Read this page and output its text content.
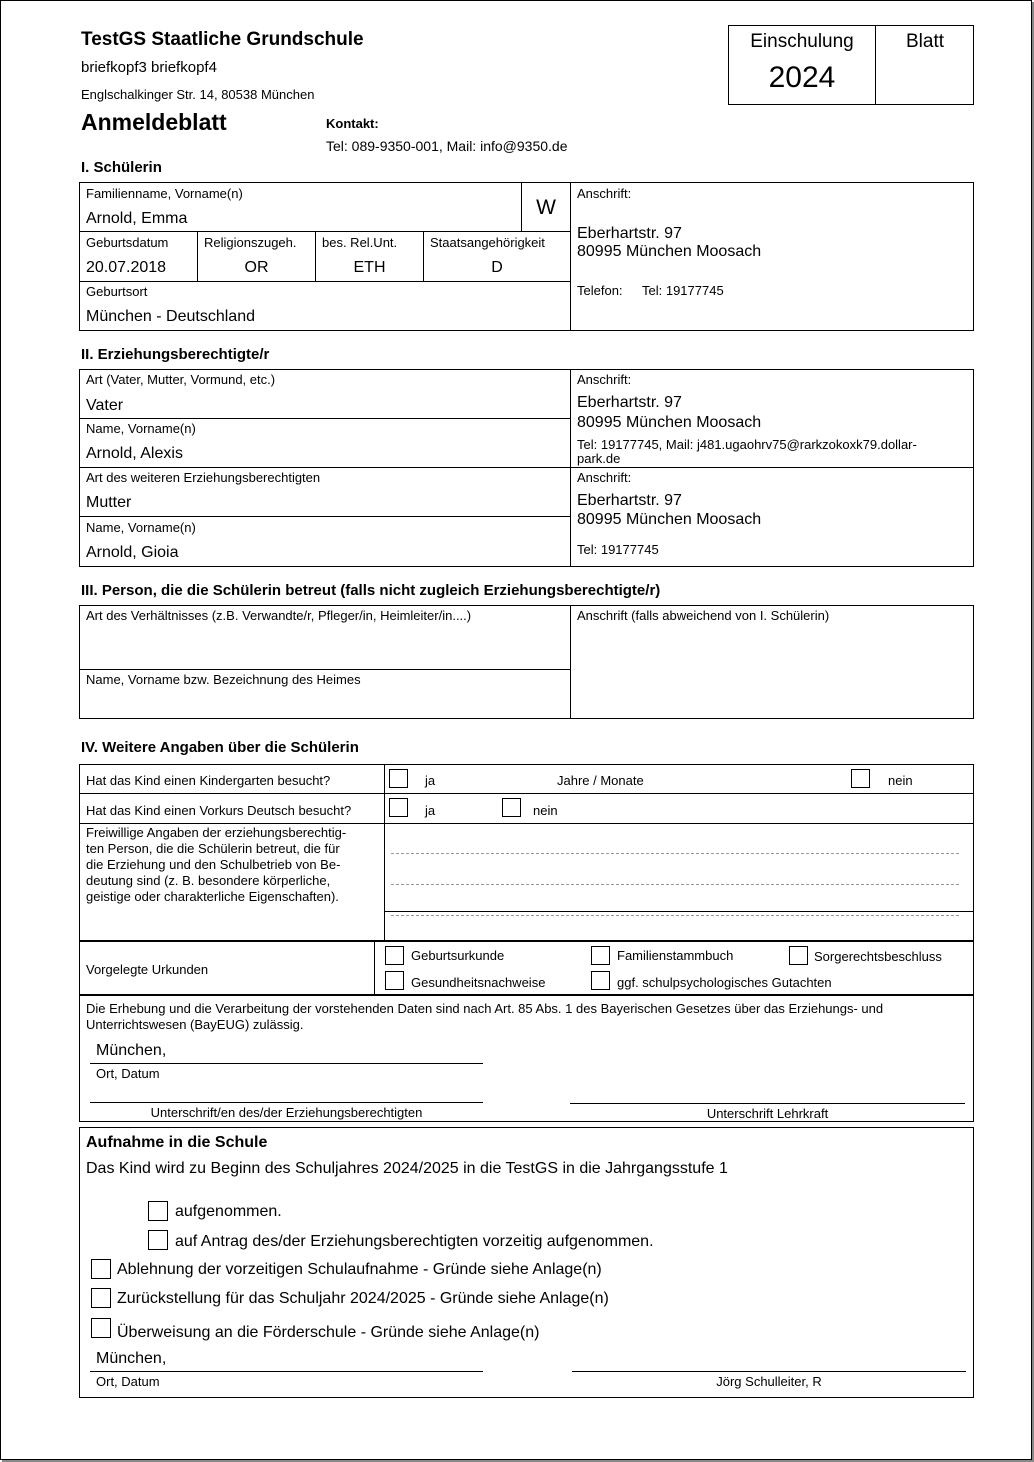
TestGS Staatliche Grundschule
briefkopf3 briefkopf4
Englschalkinger Str. 14, 80538 München
Anmeldeblatt	Kontakt:
Tel: 089-9350-001, Mail: info@9350.de
Einschulung
2024
Blatt
I. Schülerin
Familienname, Vorname(n)
Arnold, Emma	W
Anschrift:
Eberhartstr. 97
80995 München Moosach
Telefon: Tel: 19177745
Geburtsdatum
20.07.2018
Religionszugeh.
OR
bes. Rel.Unt.
ETH
Staatsangehörigkeit
D
Geburtsort
München - Deutschland
II. Erziehungsberechtigte/r
Art (Vater, Mutter, Vormund, etc.)
Vater
Name, Vorname(n)
Arnold, Alexis
Anschrift:
Eberhartstr. 97
80995 München Moosach
Tel: 19177745, Mail: j481.ugaohrv75@rarkzokoxk79.dollar-
park.de
Art des weiteren Erziehungsberechtigten
Mutter
Name, Vorname(n)
Arnold, Gioia
Anschrift:
Eberhartstr. 97
80995 München Moosach
Tel: 19177745
III. Person, die die Schülerin betreut (falls nicht zugleich Erziehungsberechtigte/r)
Art des Verhältnisses (z.B. Verwandte/r, Pfleger/in, Heimleiter/in....)
Name, Vorname bzw. Bezeichnung des Heimes
Anschrift (falls abweichend von I. Schülerin)
IV. Weitere Angaben über die Schülerin
Hat das Kind einen Kindergarten besucht?	ja	Jahre / Monate	nein
Hat das Kind einen Vorkurs Deutsch besucht?	ja	nein
Freiwillige Angaben der erziehungsberechtig-
ten Person, die die Schülerin betreut, die für
die Erziehung und den Schulbetrieb von Be-
deutung sind (z. B. besondere körperliche,
geistige oder charakterliche Eigenschaften).
Vorgelegte Urkunden
Geburtsurkunde	Familienstammbuch	Sorgerechtsbeschluss
Gesundheitsnachweise	ggf. schulpsychologisches Gutachten
Die Erhebung und die Verarbeitung der vorstehenden Daten sind nach Art. 85 Abs. 1 des Bayerischen Gesetzes über das Erziehungs- und
Unterrichtswesen (BayEUG) zulässig.
München,
Ort, Datum
Unterschrift/en des/der Erziehungsberechtigten	Unterschrift Lehrkraft
Aufnahme in die Schule
Das Kind wird zu Beginn des Schuljahres 2024/2025 in die TestGS in die Jahrgangsstufe 1
aufgenommen.
auf Antrag des/der Erziehungsberechtigten vorzeitig aufgenommen.
Ablehnung der vorzeitigen Schulaufnahme - Gründe siehe Anlage(n)
Zurückstellung für das Schuljahr 2024/2025 - Gründe siehe Anlage(n)
Überweisung an die Förderschule - Gründe siehe Anlage(n)
München,
Ort, Datum	Jörg Schulleiter, R
